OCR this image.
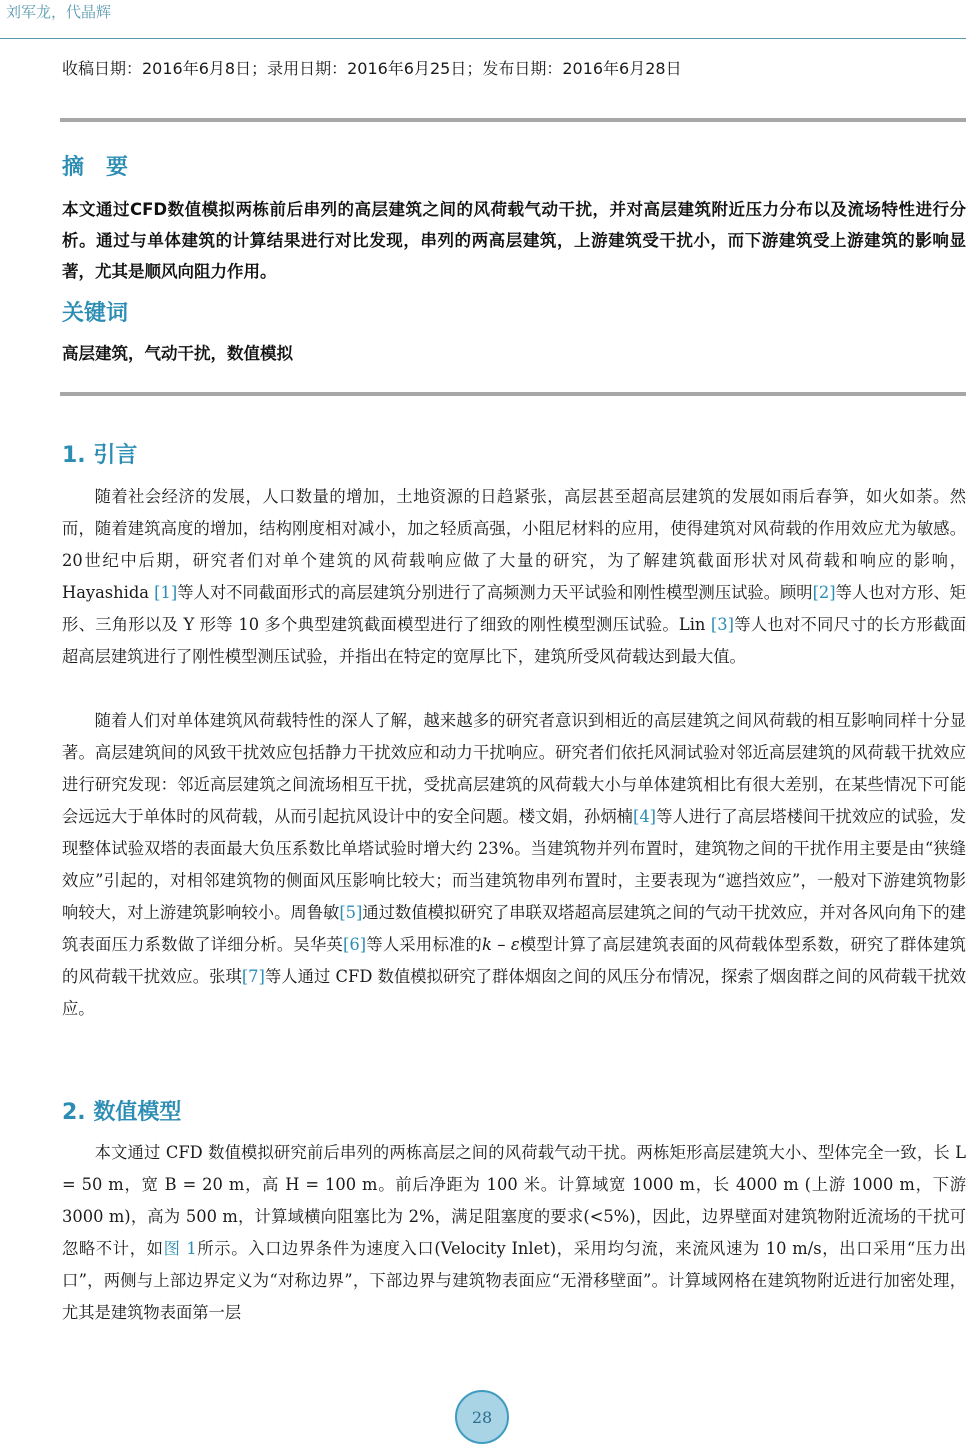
刘军龙，代晶辉
收稿日期：2016年6月8日；录用日期：2016年6月25日；发布日期：2016年6月28日
摘　要

本文通过CFD数值模拟两栋前后串列的高层建筑之间的风荷载气动干扰，并对高层建筑附近压力分布以及流场特性进行分析。通过与单体建筑的计算结果进行对比发现，串列的两高层建筑，上游建筑受干扰小，而下游建筑受上游建筑的影响显著，尤其是顺风向阻力作用。

关键词

高层建筑，气动干扰，数值模拟

1. 引言

随着社会经济的发展，人口数量的增加，土地资源的日趋紧张，高层甚至超高层建筑的发展如雨后春笋，如火如荼。然而，随着建筑高度的增加，结构刚度相对减小，加之轻质高强，小阻尼材料的应用，使得建筑对风荷载的作用效应尤为敏感。20世纪中后期，研究者们对单个建筑的风荷载响应做了大量的研究，为了解建筑截面形状对风荷载和响应的影响，Hayashida [1]等人对不同截面形式的高层建筑分别进行了高频测力天平试验和刚性模型测压试验。顾明[2]等人也对方形、矩形、三角形以及 Y 形等 10 多个典型建筑截面模型进行了细致的刚性模型测压试验。Lin [3]等人也对不同尺寸的长方形截面超高层建筑进行了刚性模型测压试验，并指出在特定的宽厚比下，建筑所受风荷载达到最大值。

随着人们对单体建筑风荷载特性的深人了解，越来越多的研究者意识到相近的高层建筑之间风荷载的相互影响同样十分显著。高层建筑间的风致干扰效应包括静力干扰效应和动力干扰响应。研究者们依托风洞试验对邻近高层建筑的风荷载干扰效应进行研究发现：邻近高层建筑之间流场相互干扰，受扰高层建筑的风荷载大小与单体建筑相比有很大差别，在某些情况下可能会远远大于单体时的风荷载，从而引起抗风设计中的安全问题。楼文娟，孙炳楠[4]等人进行了高层塔楼间干扰效应的试验，发现整体试验双塔的表面最大负压系数比单塔试验时增大约 23%。当建筑物并列布置时，建筑物之间的干扰作用主要是由“狭缝效应”引起的，对相邻建筑物的侧面风压影响比较大；而当建筑物串列布置时，主要表现为“遮挡效应”，一般对下游建筑物影响较大，对上游建筑影响较小。周鲁敏[5]通过数值模拟研究了串联双塔超高层建筑之间的气动干扰效应，并对各风向角下的建筑表面压力系数做了详细分析。吴华英[6]等人采用标准的k – ε模型计算了高层建筑表面的风荷载体型系数，研究了群体建筑的风荷载干扰效应。张琪[7]等人通过 CFD 数值模拟研究了群体烟囱之间的风压分布情况，探索了烟囱群之间的风荷载干扰效应。

2. 数值模型

本文通过 CFD 数值模拟研究前后串列的两栋高层之间的风荷载气动干扰。两栋矩形高层建筑大小、型体完全一致，长 L = 50 m，宽 B = 20 m，高 H = 100 m。前后净距为 100 米。计算域宽 1000 m，长 4000 m (上游 1000 m，下游 3000 m)，高为 500 m，计算域横向阻塞比为 2%，满足阻塞度的要求(<5%)，因此，边界壁面对建筑物附近流场的干扰可忽略不计，如图 1所示。入口边界条件为速度入口(Velocity Inlet)，采用均匀流，来流风速为 10 m/s，出口采用“压力出口”，两侧与上部边界定义为“对称边界”，下部边界与建筑物表面应“无滑移壁面”。计算域网格在建筑物附近进行加密处理，尤其是建筑物表面第一层

28
